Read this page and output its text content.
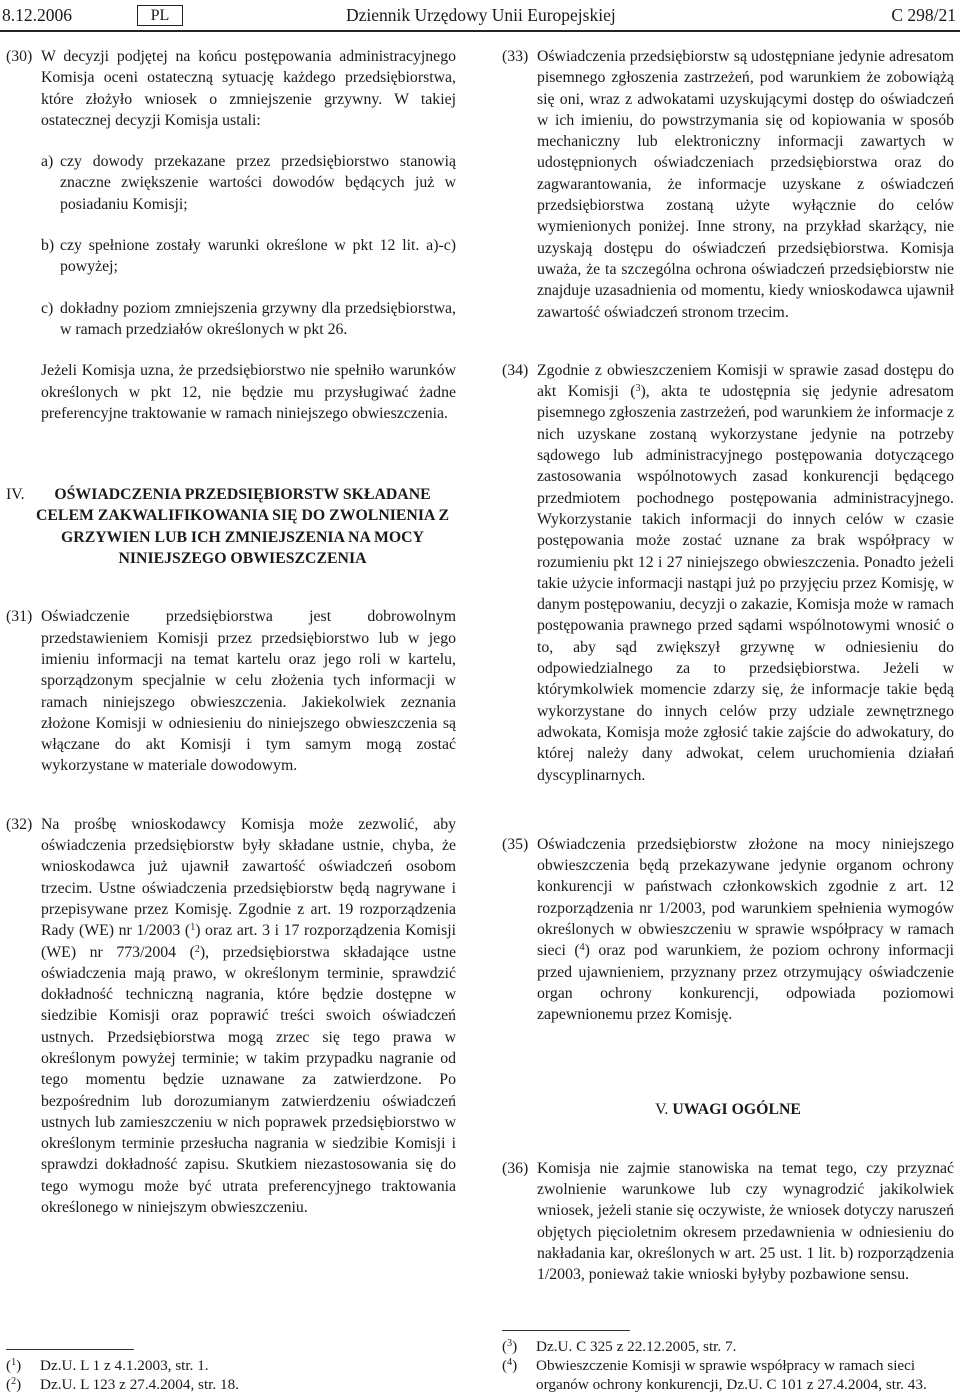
8.12.2006	PL	Dziennik Urzędowy Unii Europejskiej	C 298/21
(30) W decyzji podjętej na końcu postępowania administracyjnego Komisja oceni ostateczną sytuację każdego przedsiębiorstwa, które złożyło wniosek o zmniejszenie grzywny. W takiej ostatecznej decyzji Komisja ustali:

a) czy dowody przekazane przez przedsiębiorstwo stanowią znaczne zwiększenie wartości dowodów będących już w posiadaniu Komisji;
b) czy spełnione zostały warunki określone w pkt 12 lit. a)-c) powyżej;
c) dokładny poziom zmniejszenia grzywny dla przedsiębiorstwa, w ramach przedziałów określonych w pkt 26.

Jeżeli Komisja uzna, że przedsiębiorstwo nie spełniło warunków określonych w pkt 12, nie będzie mu przysługiwać żadne preferencyjne traktowanie w ramach niniejszego obwieszczenia.

IV.	OŚWIADCZENIA PRZEDSIĘBIORSTW SKŁADANE CELEM ZAKWALIFIKOWANIA SIĘ DO ZWOLNIENIA Z GRZYWIEN LUB ICH ZMNIEJSZENIA NA MOCY NINIEJSZEGO OBWIESZCZENIA
(31) Oświadczenie przedsiębiorstwa jest dobrowolnym przedstawieniem Komisji przez przedsiębiorstwo lub w jego imieniu informacji na temat kartelu oraz jego roli w kartelu, sporządzonym specjalnie w celu złożenia tych informacji w ramach niniejszego obwieszczenia. Jakiekolwiek zeznania złożone Komisji w odniesieniu do niniejszego obwieszczenia są włączane do akt Komisji i tym samym mogą zostać wykorzystane w materiale dowodowym.

(32) Na prośbę wnioskodawcy Komisja może zezwolić, aby oświadczenia przedsiębiorstw były składane ustnie, chyba, że wnioskodawca już ujawnił zawartość oświadczeń osobom trzecim. Ustne oświadczenia przedsiębiorstw będą nagrywane i przepisywane przez Komisję. Zgodnie z art. 19 rozporządzenia Rady (WE) nr 1/2003 ($^1$) oraz art. 3 i 17 rozporządzenia Komisji (WE) nr 773/2004 ($^2$), przedsiębiorstwa składające ustne oświadczenia mają prawo, w określonym terminie, sprawdzić dokładność techniczną nagrania, które będzie dostępne w siedzibie Komisji oraz poprawić treści swoich oświadczeń ustnych. Przedsiębiorstwa mogą zrzec się tego prawa w określonym powyżej terminie; w takim przypadku nagranie od tego momentu będzie uznawane za zatwierdzone. Po bezpośrednim lub dorozumianym zatwierdzeniu oświadczeń ustnych lub zamieszczeniu w nich poprawek przedsiębiorstwo w określonym terminie przesłucha nagrania w siedzibie Komisji i sprawdzi dokładność zapisu. Skutkiem niezastosowania się do tego wymogu może być utrata preferencyjnego traktowania określonego w niniejszym obwieszczeniu.

($^1$) Dz.U. L 1 z 4.1.2003, str. 1.
($^2$) Dz.U. L 123 z 27.4.2004, str. 18.
(33) Oświadczenia przedsiębiorstw są udostępniane jedynie adresatom pisemnego zgłoszenia zastrzeżeń, pod warunkiem że zobowiążą się oni, wraz z adwokatami uzyskującymi dostęp do oświadczeń w ich imieniu, do powstrzymania się od kopiowania w sposób mechaniczny lub elektroniczny informacji zawartych w udostępnionych oświadczeniach przedsiębiorstwa oraz do zagwarantowania, że informacje uzyskane z oświadczeń przedsiębiorstwa zostaną użyte wyłącznie do celów wymienionych poniżej. Inne strony, na przykład skarżący, nie uzyskają dostępu do oświadczeń przedsiębiorstwa. Komisja uważa, że ta szczególna ochrona oświadczeń przedsiębiorstw nie znajduje uzasadnienia od momentu, kiedy wnioskodawca ujawnił zawartość oświadczeń stronom trzecim.

(34) Zgodnie z obwieszczeniem Komisji w sprawie zasad dostępu do akt Komisji ($^3$), akta te udostępnia się jedynie adresatom pisemnego zgłoszenia zastrzeżeń, pod warunkiem że informacje z nich uzyskane zostaną wykorzystane jedynie na potrzeby sądowego lub administracyjnego postępowania dotyczącego zastosowania wspólnotowych zasad konkurencji będącego przedmiotem pochodnego postępowania administracyjnego. Wykorzystanie takich informacji do innych celów w czasie postępowania może zostać uznane za brak współpracy w rozumieniu pkt 12 i 27 niniejszego obwieszczenia. Ponadto jeżeli takie użycie informacji nastąpi już po przyjęciu przez Komisję, w danym postępowaniu, decyzji o zakazie, Komisja może w ramach postępowania prawnego przed sądami wspólnotowymi wnosić o to, aby sąd zwiększył grzywnę w odniesieniu do odpowiedzialnego za to przedsiębiorstwa. Jeżeli w którymkolwiek momencie zdarzy się, że informacje takie będą wykorzystane do innych celów przy udziale zewnętrznego adwokata, Komisja może zgłosić takie zajście do adwokatury, do której należy dany adwokat, celem uruchomienia działań dyscyplinarnych.

(35) Oświadczenia przedsiębiorstw złożone na mocy niniejszego obwieszczenia będą przekazywane jedynie organom ochrony konkurencji w państwach członkowskich zgodnie z art. 12 rozporządzenia nr 1/2003, pod warunkiem spełnienia wymogów określonych w obwieszczeniu w sprawie współpracy w ramach sieci ($^4$) oraz pod warunkiem, że poziom ochrony informacji przed ujawnieniem, przyznany przez otrzymujący oświadczenie organ ochrony konkurencji, odpowiada poziomowi zapewnionemu przez Komisję.

V. UWAGI OGÓLNE
(36) Komisja nie zajmie stanowiska na temat tego, czy przyznać zwolnienie warunkowe lub czy wynagrodzić jakikolwiek wniosek, jeżeli stanie się oczywiste, że wniosek dotyczy naruszeń objętych pięcioletnim okresem przedawnienia w odniesieniu do nakładania kar, określonych w art. 25 ust. 1 lit. b) rozporządzenia 1/2003, ponieważ takie wnioski byłyby pozbawione sensu.

($^3$) Dz.U. C 325 z 22.12.2005, str. 7.
($^4$) Obwieszczenie Komisji w sprawie współpracy w ramach sieci organów ochrony konkurencji, Dz.U. C 101 z 27.4.2004, str. 43.
